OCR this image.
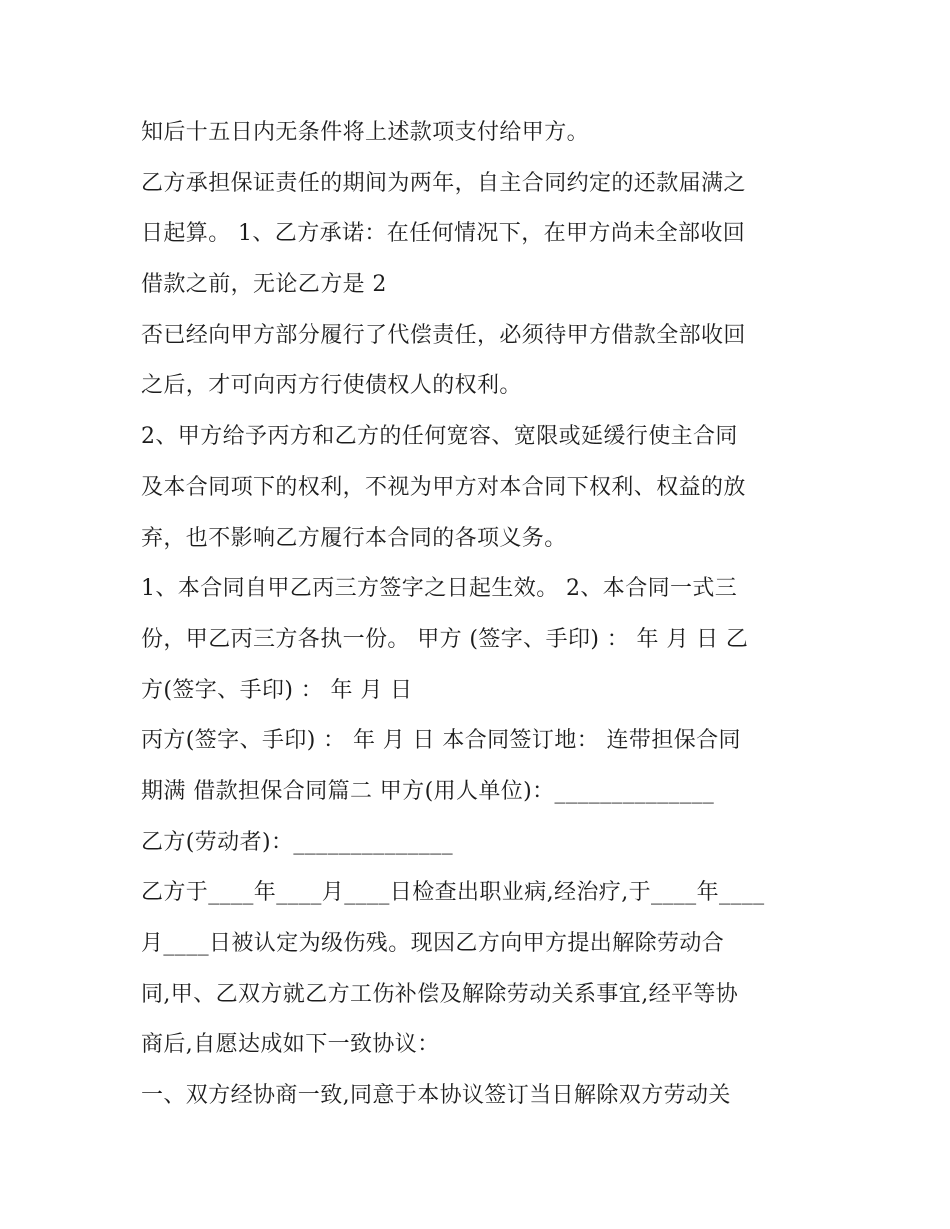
知后十五日内无条件将上述款项支付给甲方。
乙方承担保证责任的期间为两年，自主合同约定的还款届满之
日起算。 1、乙方承诺：在任何情况下，在甲方尚未全部收回
借款之前，无论乙方是 2
否已经向甲方部分履行了代偿责任，必须待甲方借款全部收回
之后，才可向丙方行使债权人的权利。
2、甲方给予丙方和乙方的任何宽容、宽限或延缓行使主合同
及本合同项下的权利，不视为甲方对本合同下权利、权益的放
弃，也不影响乙方履行本合同的各项义务。
1、本合同自甲乙丙三方签字之日起生效。 2、本合同一式三
份，甲乙丙三方各执一份。 甲方 (签字、手印) ： 年 月 日 乙
方(签字、手印) ： 年 月 日
丙方(签字、手印) ： 年 月 日 本合同签订地： 连带担保合同
期满 借款担保合同篇二 甲方(用人单位)：______________
乙方(劳动者)：______________
乙方于____年____月____日检查出职业病,经治疗,于____年____
月____日被认定为级伤残。现因乙方向甲方提出解除劳动合
同,甲、乙双方就乙方工伤补偿及解除劳动关系事宜,经平等协
商后,自愿达成如下一致协议：
一、双方经协商一致,同意于本协议签订当日解除双方劳动关
